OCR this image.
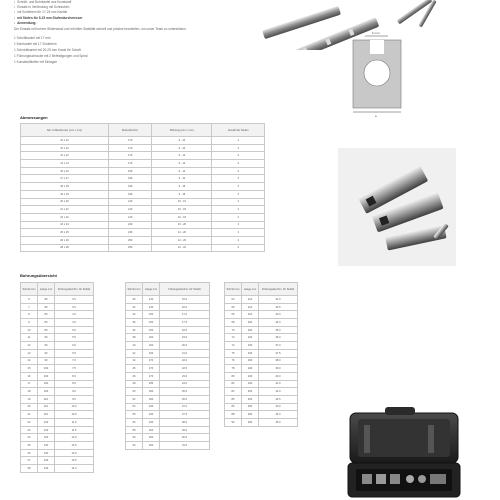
• Schnitt- und Bohrkantel aus Kunststoff
• Einsatz in Verbindung mit Schrauben
• mit Schiebern für 17-24 mm Kanäle
• mit Stufen für 5-15 mm Stufendurchmesser
• Anwendung:
Der Einsatz mit hohem Widerstand und erhöhter Stabilität schnell und präzise bearbeiten, um unser Team zu unterstützen.
1 Schnittkantel mit 17 mm
1 Bohrkantel mit 17 Schiebern
1 Schneidkantel mit 20-25 mm Kanal für Schaft
1 Führungsschraube mit 2 Befestigungen und Spiral
1 Kunststoffkoffer mit Einlagen
b mm
a
Abmessungen
Nur zu Bestimmen (mm x mm)	Stufendurchm.	Bohrung (mm x mm)	Anzahl der Stufen
10 x 10	170	6 - 10	4
10 x 10	170	6 - 10	4
12 x 12	170	6 - 12	4
14 x 14	170	6 - 12	4
16 x 16	190	6 - 14	4
17 x 17	190	6 - 14	4
18 x 18	190	6 - 16	4
19 x 19	190	6 - 16	4
20 x 20	210	10 - 16	4
21 x 21	210	10 - 18	4
22 x 22	210	10 - 18	4
24 x 24	230	10 - 20	4
25 x 25	230	12 - 20	4
26 x 26	250	12 - 20	4
28 x 28	250	12 - 22	4
Bohrungsübersicht
Schnitt mm	Länge mm	Führungsdurchm. für Schaft
6	80	3.5
7	80	3.5
8	80	4.0
9	80	4.5
10	80	5.0
11	90	5.5
12	90	6.0
13	90	6.5
14	90	7.0
15	100	7.5
16	100	8.0
17	100	8.5
18	100	9.0
19	110	9.5
20	110	10.0
21	110	10.5
22	120	11.0
23	120	11.5
24	120	12.0
25	130	12.5
26	130	13.0
27	130	13.5
28	140	14.0
Schnitt mm	Länge mm	Führungsdurchm. für Schaft
30	140	15.0
32	140	16.0
34	150	17.0
35	150	17.5
36	150	18.0
38	160	19.0
40	160	20.0
42	160	21.0
44	170	22.0
45	170	22.5
46	170	23.0
48	180	24.0
50	180	25.0
52	180	26.0
54	190	27.0
55	190	27.5
56	190	28.0
58	200	29.0
60	200	30.0
62	200	31.0
Schnitt mm	Länge mm	Führungsdurchm. für Schaft
64	210	32.0
65	210	32.5
66	210	33.0
68	220	34.0
70	220	35.0
72	220	36.0
74	230	37.0
75	230	37.5
76	230	38.0
78	240	39.0
80	240	40.0
82	240	41.0
84	250	42.0
85	250	42.5
86	250	43.0
88	260	44.0
90	260	45.0
